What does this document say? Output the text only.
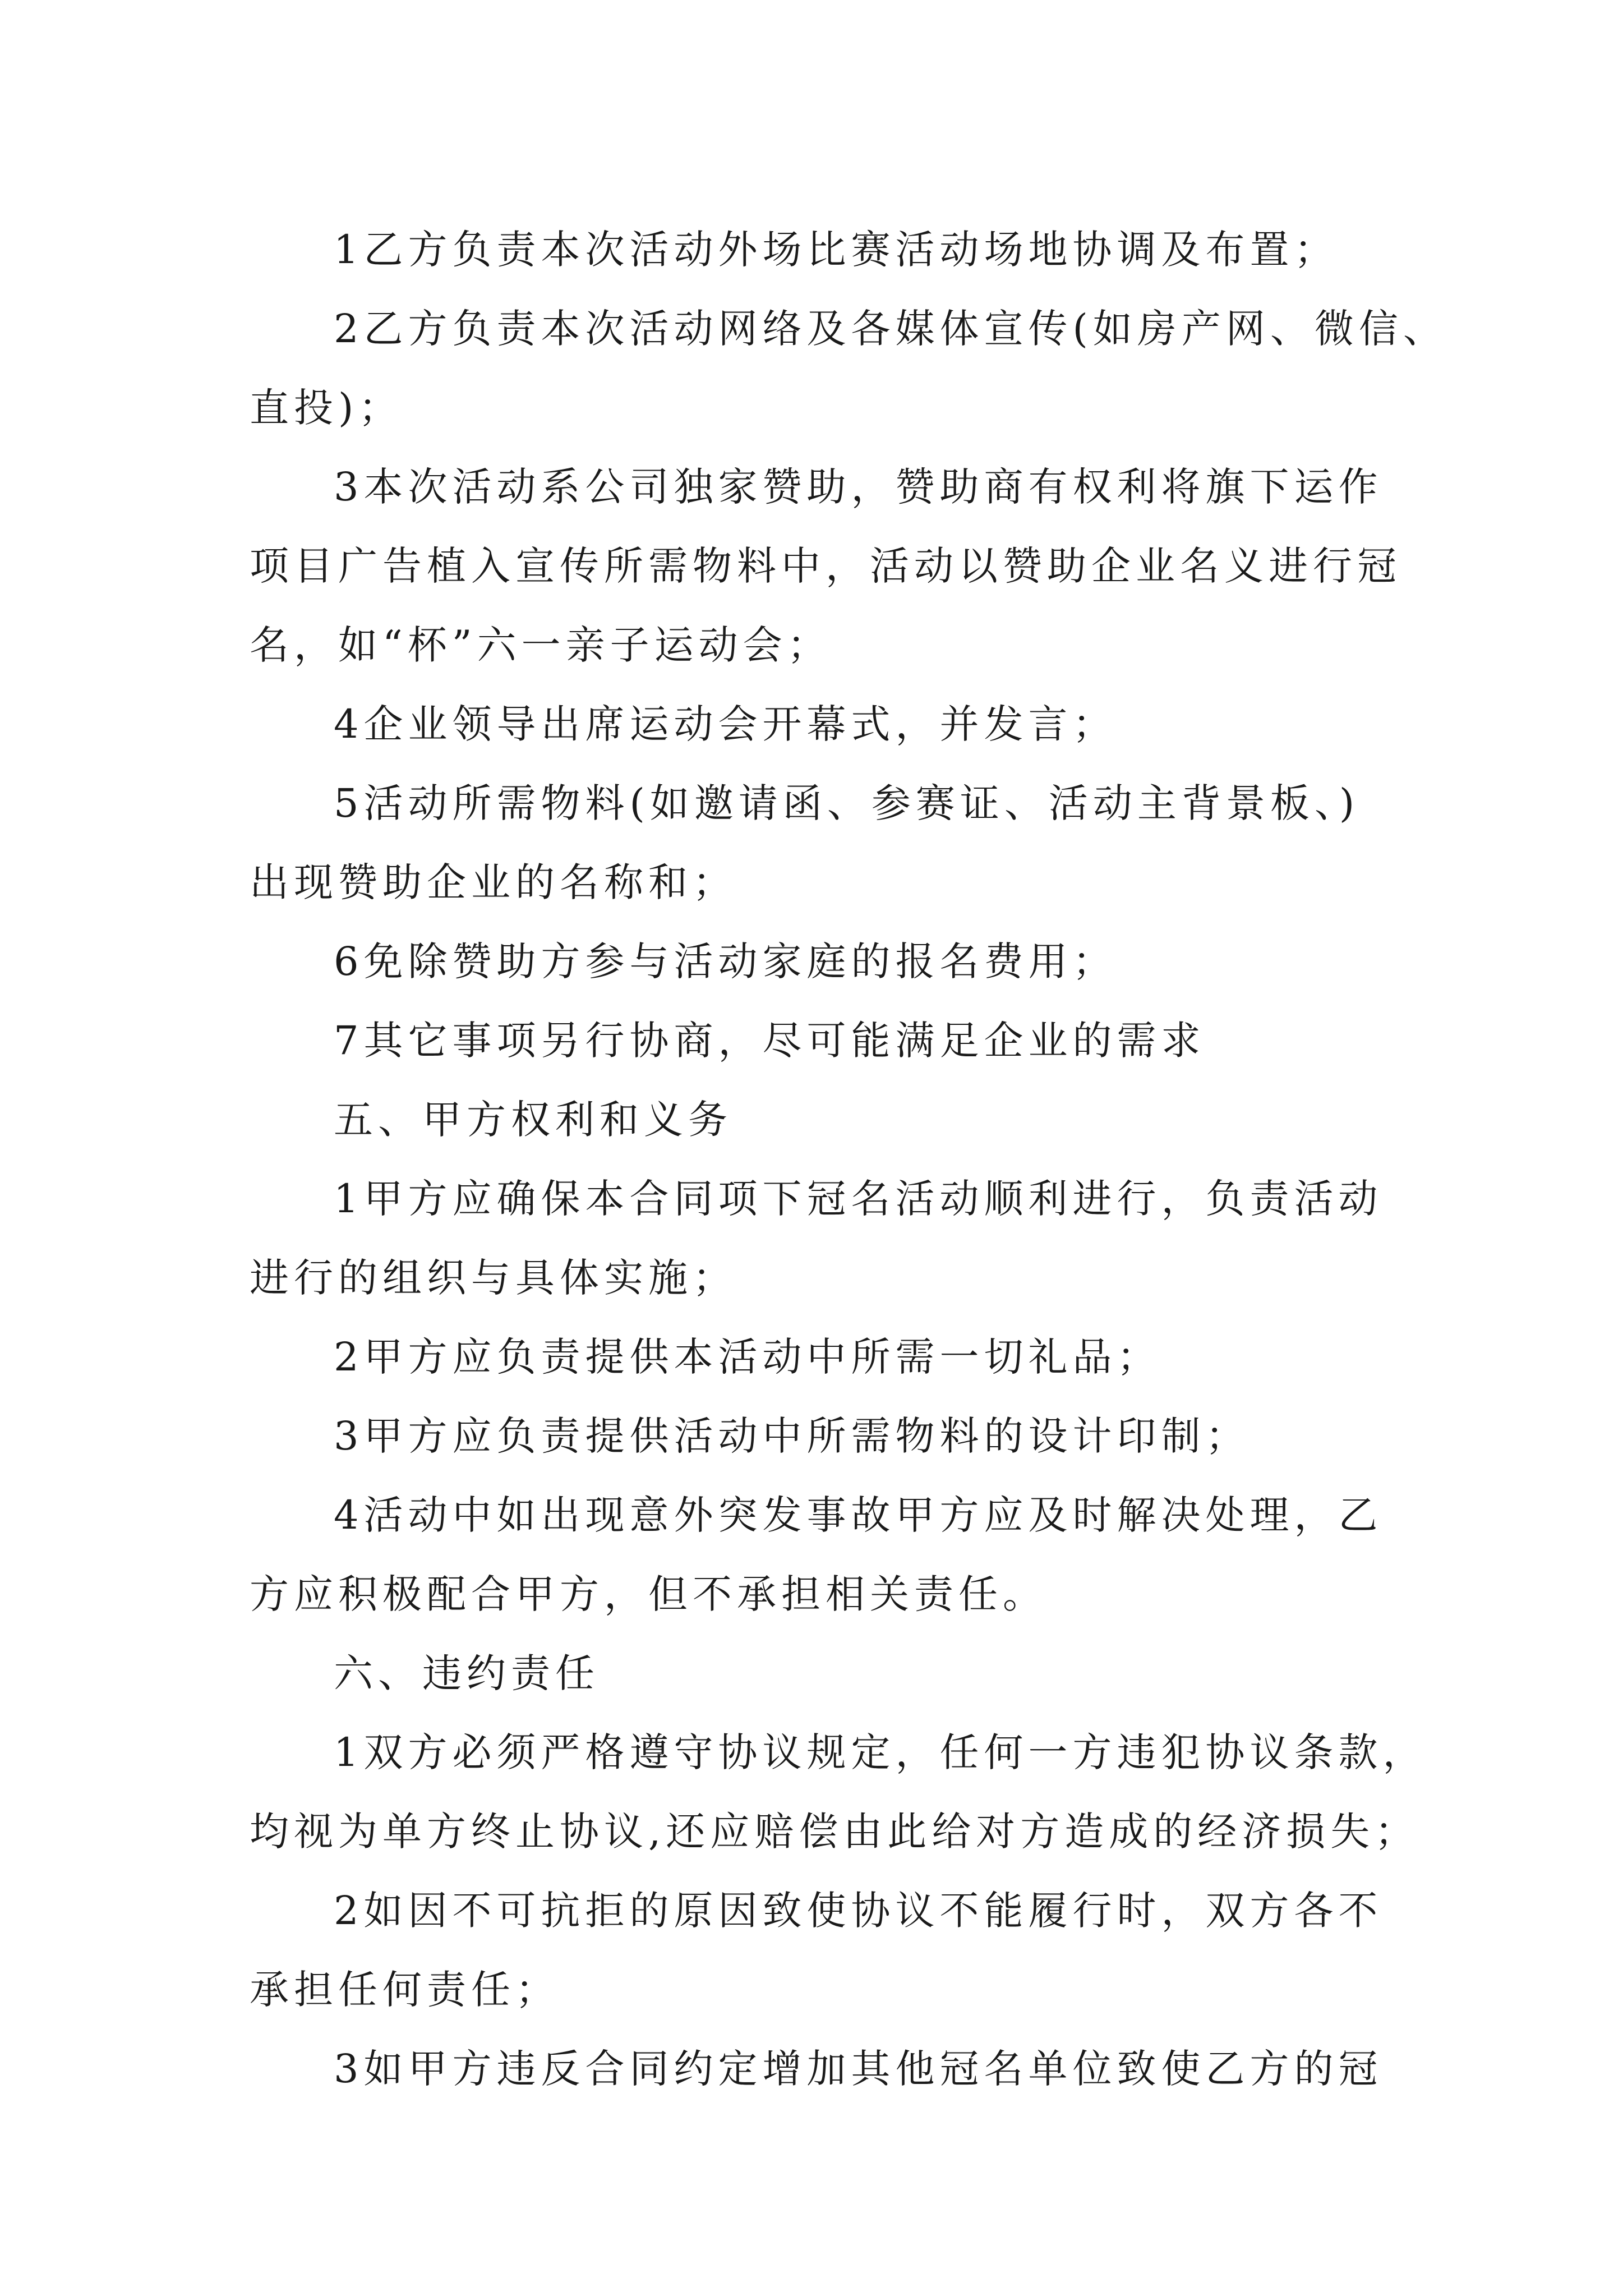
1乙方负责本次活动外场比赛活动场地协调及布置；
2乙方负责本次活动网络及各媒体宣传(如房产网、微信、
直投)；
3本次活动系公司独家赞助，赞助商有权利将旗下运作
项目广告植入宣传所需物料中，活动以赞助企业名义进行冠
名，如“杯”六一亲子运动会；
4企业领导出席运动会开幕式，并发言；
5活动所需物料(如邀请函、参赛证、活动主背景板、)
出现赞助企业的名称和；
6免除赞助方参与活动家庭的报名费用；
7其它事项另行协商，尽可能满足企业的需求
五、甲方权利和义务
1甲方应确保本合同项下冠名活动顺利进行，负责活动
进行的组织与具体实施；
2甲方应负责提供本活动中所需一切礼品；
3甲方应负责提供活动中所需物料的设计印制；
4活动中如出现意外突发事故甲方应及时解决处理，乙
方应积极配合甲方，但不承担相关责任。
六、违约责任
1双方必须严格遵守协议规定，任何一方违犯协议条款，
均视为单方终止协议,还应赔偿由此给对方造成的经济损失；
2如因不可抗拒的原因致使协议不能履行时，双方各不
承担任何责任；
3如甲方违反合同约定增加其他冠名单位致使乙方的冠
